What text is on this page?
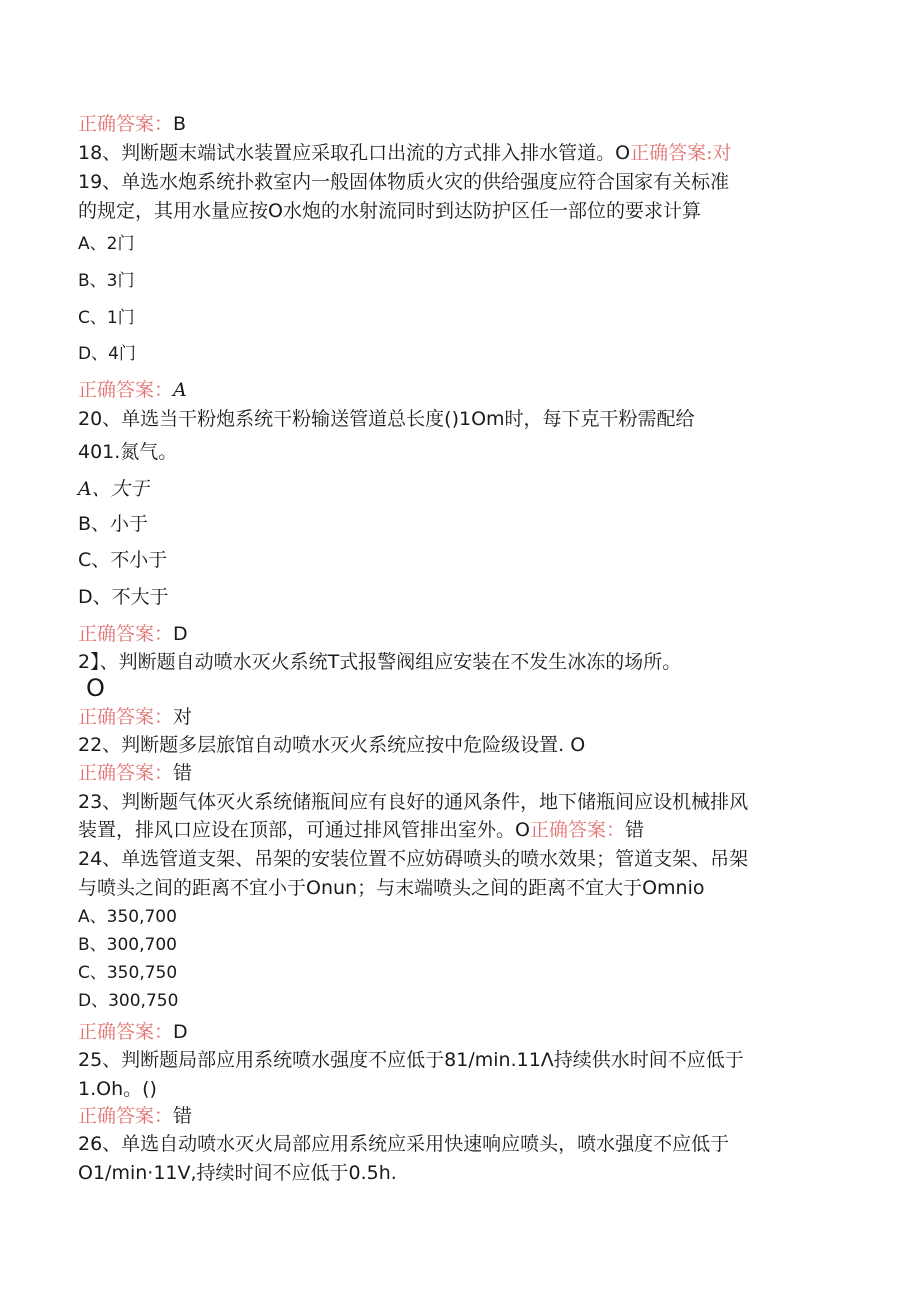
正确答案：B
18、判断题末端试水装置应采取孔口出流的方式排入排水管道。O正确答案:对
19、单选水炮系统扑救室内一般固体物质火灾的供给强度应符合国家有关标准
的规定，其用水量应按O水炮的水射流同时到达防护区任一部位的要求计算
A、2门
B、3门
C、1门
D、4门
正确答案：A
20、单选当干粉炮系统干粉输送管道总长度()1Om时，每下克干粉需配给
401.氮气。
A、大于
B、小于
C、不小于
D、不大于
正确答案：D
2】、判断题自动喷水灭火系统T式报警阀组应安装在不发生冰冻的场所。
O
正确答案：对
22、判断题多层旅馆自动喷水灭火系统应按中危险级设置. O
正确答案：错
23、判断题气体灭火系统储瓶间应有良好的通风条件，地下储瓶间应设机械排风
装置，排风口应设在顶部，可通过排风管排出室外。O正确答案：错
24、单选管道支架、吊架的安装位置不应妨碍喷头的喷水效果；管道支架、吊架
与喷头之间的距离不宜小于Onun；与末端喷头之间的距离不宜大于Omnio
A、350,700
B、300,700
C、350,750
D、300,750
正确答案：D
25、判断题局部应用系统喷水强度不应低于81∕min.11Λ持续供水时间不应低于
1.Oh。()
正确答案：错
26、单选自动喷水灭火局部应用系统应采用快速响应喷头，喷水强度不应低于
O1∕min·11V,持续时间不应低于0.5h.
